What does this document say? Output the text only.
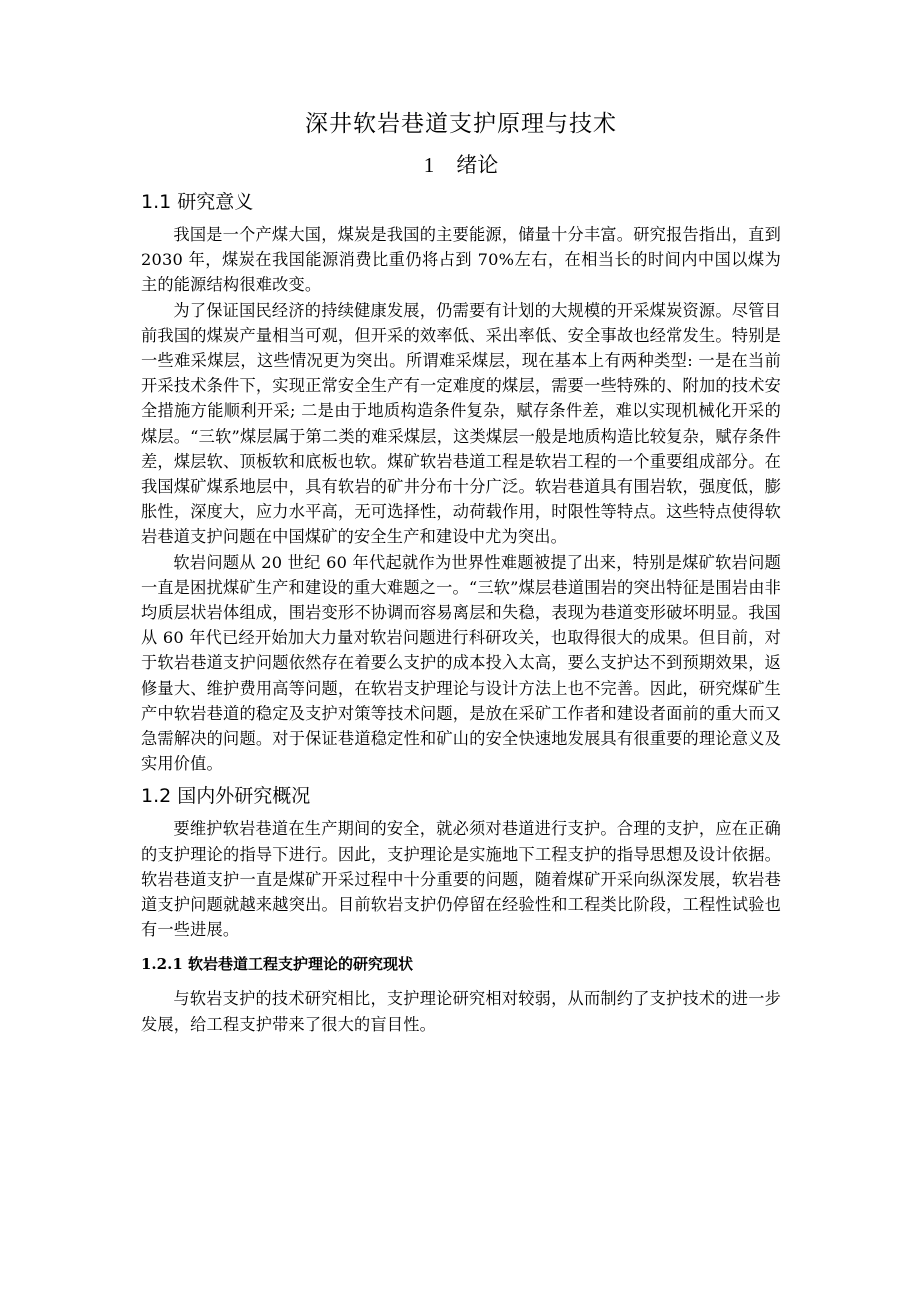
深井软岩巷道支护原理与技术
1 绪论
1.1 研究意义

我国是一个产煤大国，煤炭是我国的主要能源，储量十分丰富。研究报告指出，直到 2030 年，煤炭在我国能源消费比重仍将占到 70%左右，在相当长的时间内中国以煤为主的能源结构很难改变。

为了保证国民经济的持续健康发展，仍需要有计划的大规模的开采煤炭资源。尽管目前我国的煤炭产量相当可观，但开采的效率低、采出率低、安全事故也经常发生。特别是一些难采煤层，这些情况更为突出。所谓难采煤层，现在基本上有两种类型: 一是在当前开采技术条件下，实现正常安全生产有一定难度的煤层，需要一些特殊的、附加的技术安全措施方能顺利开采; 二是由于地质构造条件复杂，赋存条件差，难以实现机械化开采的煤层。“三软”煤层属于第二类的难采煤层，这类煤层一般是地质构造比较复杂，赋存条件差，煤层软、顶板软和底板也软。煤矿软岩巷道工程是软岩工程的一个重要组成部分。在我国煤矿煤系地层中，具有软岩的矿井分布十分广泛。软岩巷道具有围岩软，强度低，膨胀性，深度大，应力水平高，无可选择性，动荷载作用，时限性等特点。这些特点使得软岩巷道支护问题在中国煤矿的安全生产和建设中尤为突出。

软岩问题从 20 世纪 60 年代起就作为世界性难题被提了出来，特别是煤矿软岩问题一直是困扰煤矿生产和建设的重大难题之一。“三软”煤层巷道围岩的突出特征是围岩由非均质层状岩体组成，围岩变形不协调而容易离层和失稳，表现为巷道变形破坏明显。我国从 60 年代已经开始加大力量对软岩问题进行科研攻关，也取得很大的成果。但目前，对于软岩巷道支护问题依然存在着要么支护的成本投入太高，要么支护达不到预期效果，返修量大、维护费用高等问题，在软岩支护理论与设计方法上也不完善。因此，研究煤矿生产中软岩巷道的稳定及支护对策等技术问题，是放在采矿工作者和建设者面前的重大而又急需解决的问题。对于保证巷道稳定性和矿山的安全快速地发展具有很重要的理论意义及实用价值。

1.2 国内外研究概况

要维护软岩巷道在生产期间的安全，就必须对巷道进行支护。合理的支护，应在正确的支护理论的指导下进行。因此，支护理论是实施地下工程支护的指导思想及设计依据。软岩巷道支护一直是煤矿开采过程中十分重要的问题，随着煤矿开采向纵深发展，软岩巷道支护问题就越来越突出。目前软岩支护仍停留在经验性和工程类比阶段，工程性试验也有一些进展。

1.2.1 软岩巷道工程支护理论的研究现状

与软岩支护的技术研究相比，支护理论研究相对较弱，从而制约了支护技术的进一步发展，给工程支护带来了很大的盲目性。
